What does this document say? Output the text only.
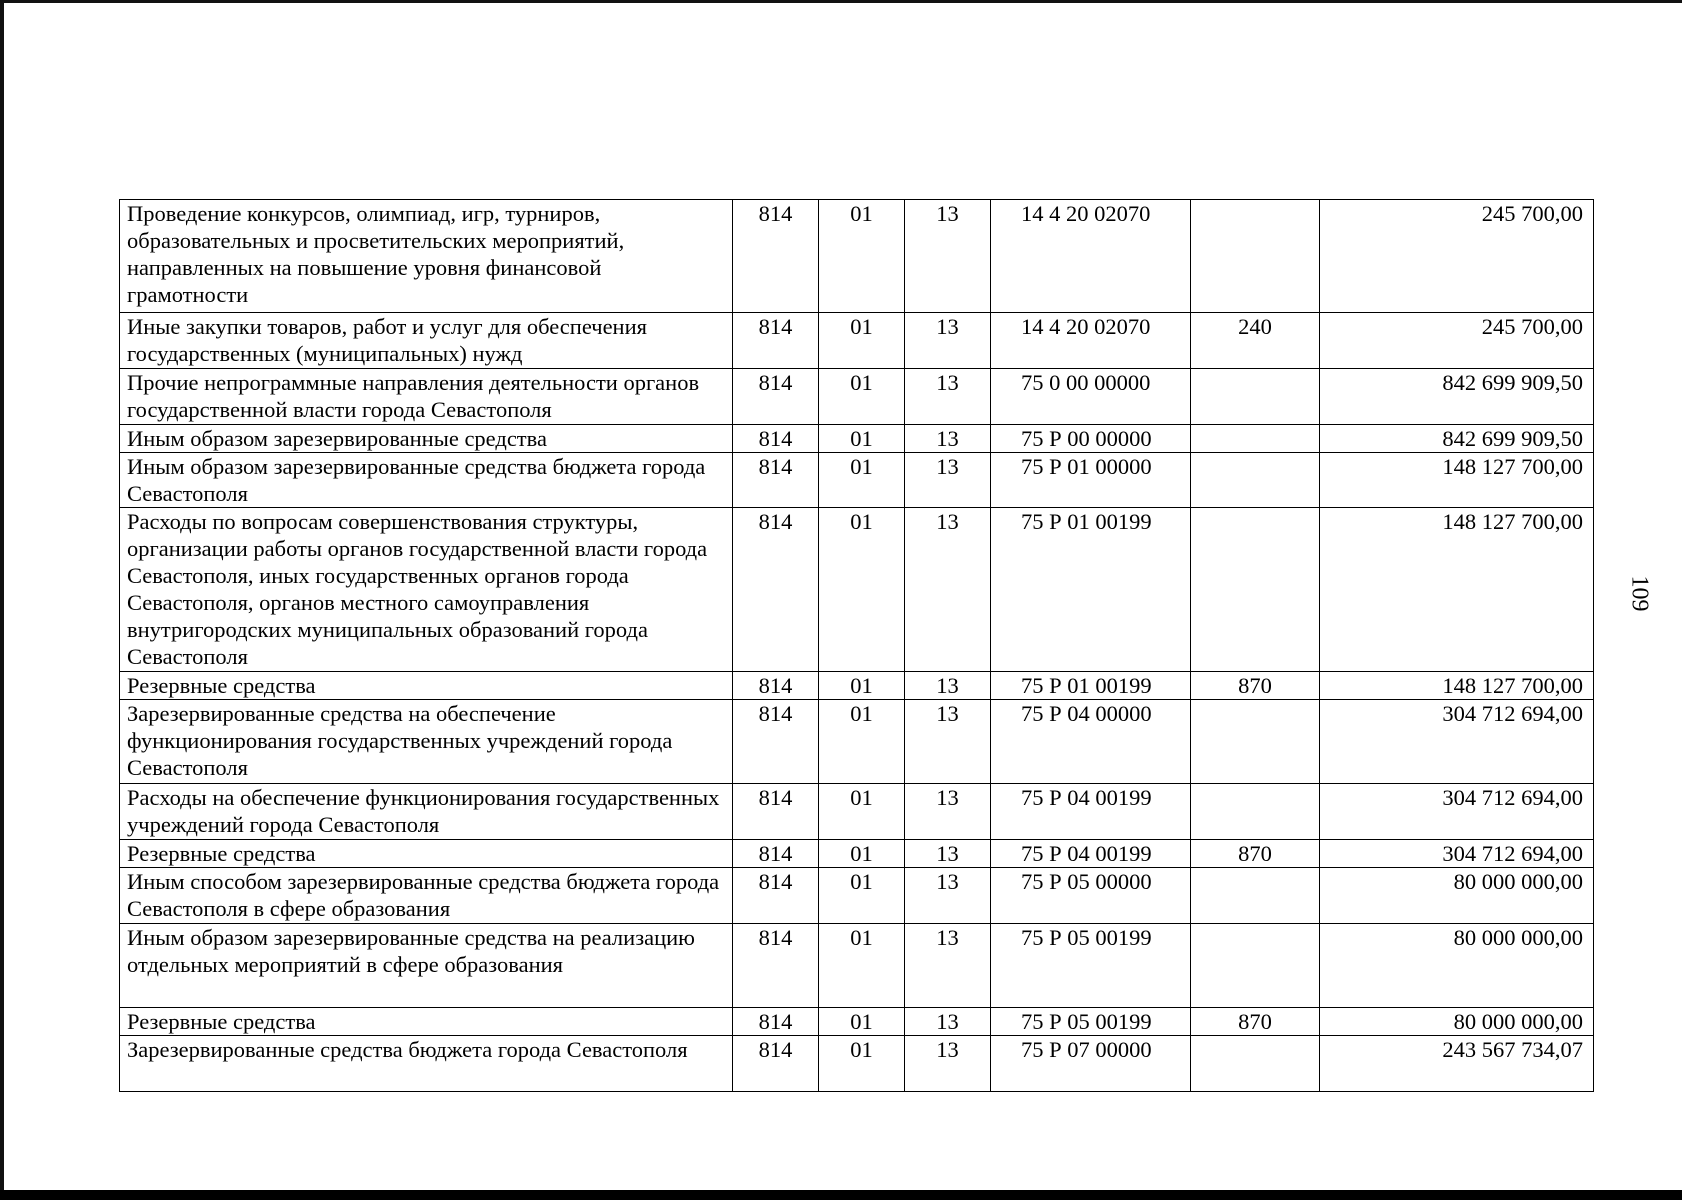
Проведение конкурсов, олимпиад, игр, турниров, образовательных и просветительских мероприятий, направленных на повышение уровня финансовой грамотности	814	01	13	14 4 20 02070		245 700,00
Иные закупки товаров, работ и услуг для обеспечения государственных (муниципальных) нужд	814	01	13	14 4 20 02070	240	245 700,00
Прочие непрограммные направления деятельности органов государственной власти города Севастополя	814	01	13	75 0 00 00000		842 699 909,50
Иным образом зарезервированные средства	814	01	13	75 Р 00 00000		842 699 909,50
Иным образом зарезервированные средства бюджета города Севастополя	814	01	13	75 Р 01 00000		148 127 700,00
Расходы по вопросам совершенствования структуры, организации работы органов государственной власти города Севастополя, иных государственных органов города Севастополя, органов местного самоуправления внутригородских муниципальных образований города Севастополя	814	01	13	75 Р 01 00199		148 127 700,00
Резервные средства	814	01	13	75 Р 01 00199	870	148 127 700,00
Зарезервированные средства на обеспечение функционирования государственных учреждений города Севастополя	814	01	13	75 Р 04 00000		304 712 694,00
Расходы на обеспечение функционирования государственных учреждений города Севастополя	814	01	13	75 Р 04 00199		304 712 694,00
Резервные средства	814	01	13	75 Р 04 00199	870	304 712 694,00
Иным способом зарезервированные средства бюджета города Севастополя в сфере образования	814	01	13	75 Р 05 00000		80 000 000,00
Иным образом зарезервированные средства на реализацию отдельных мероприятий в сфере образования	814	01	13	75 Р 05 00199		80 000 000,00
Резервные средства	814	01	13	75 Р 05 00199	870	80 000 000,00
Зарезервированные средства бюджета города Севастополя	814	01	13	75 Р 07 00000		243 567 734,07
109
